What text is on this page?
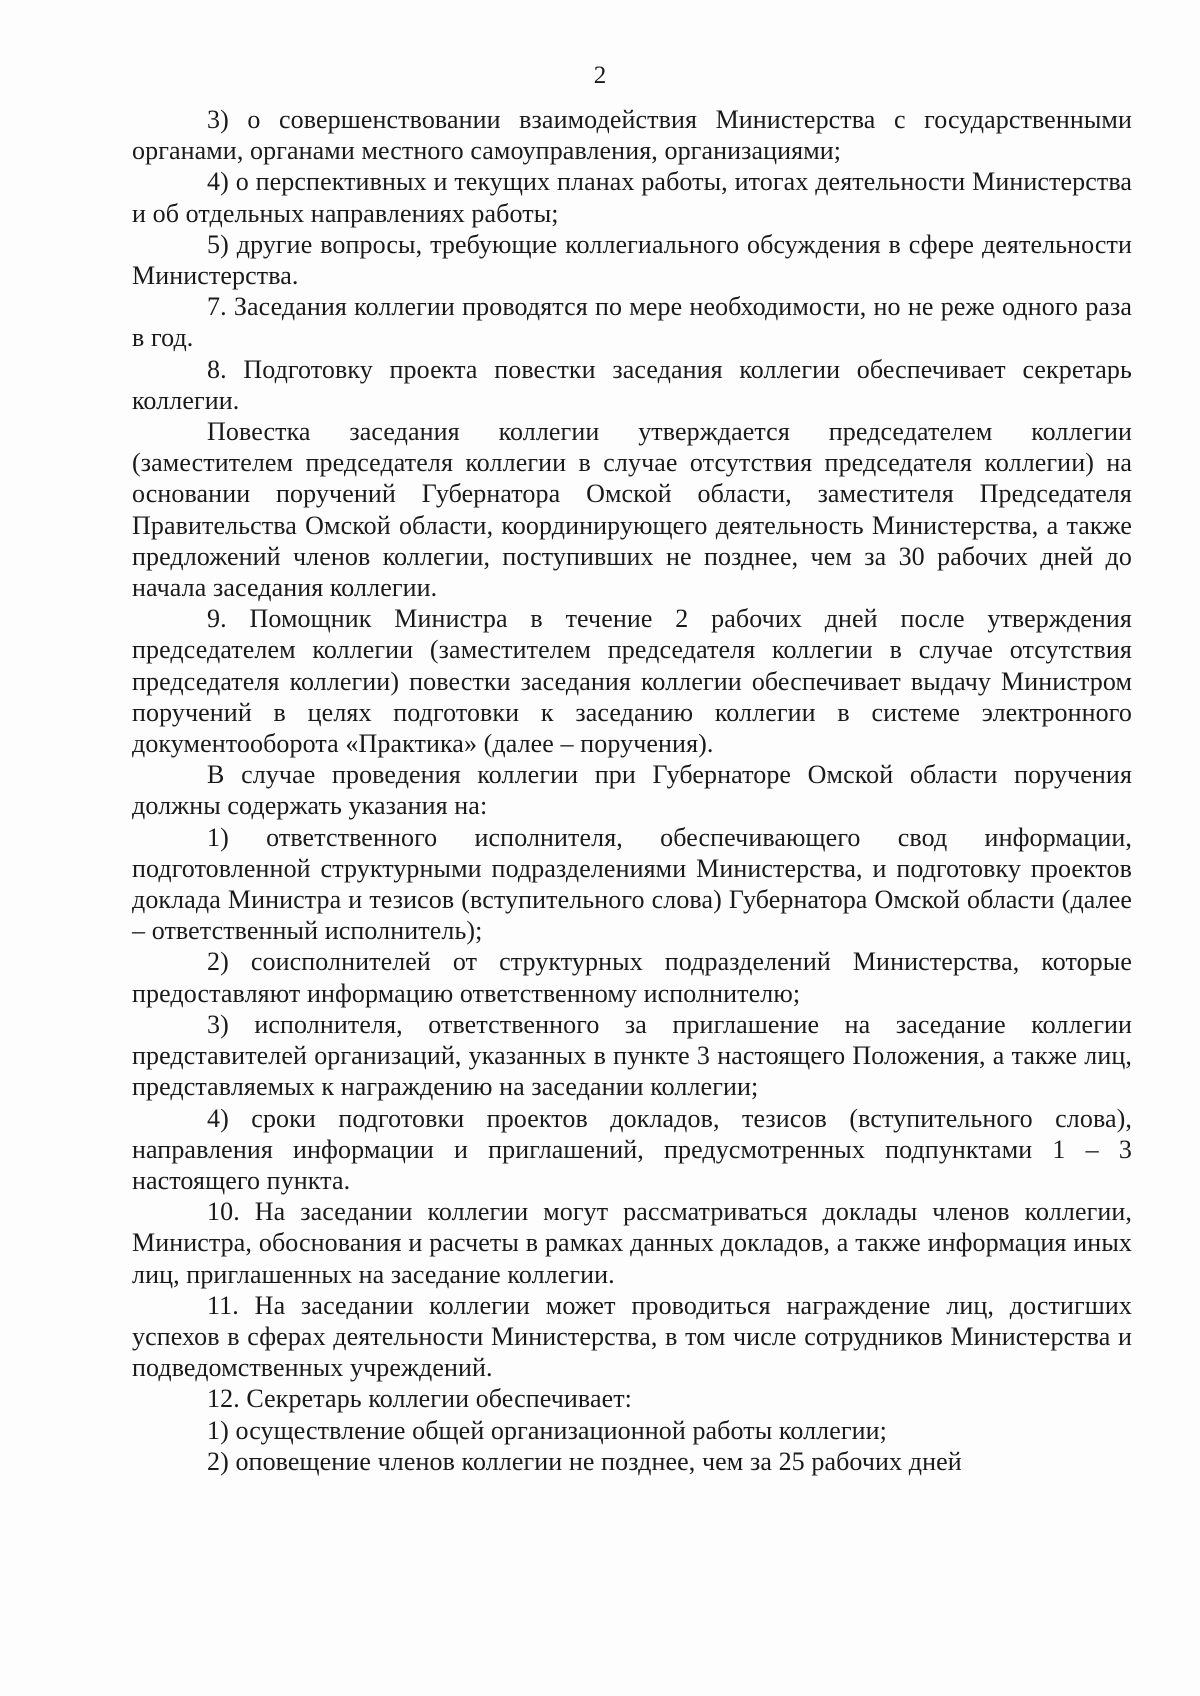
2

3) о совершенствовании взаимодействия Министерства с государственными органами, органами местного самоуправления, организациями;

4) о перспективных и текущих планах работы, итогах деятельности Министерства и об отдельных направлениях работы;

5) другие вопросы, требующие коллегиального обсуждения в сфере деятельности Министерства.

7. Заседания коллегии проводятся по мере необходимости, но не реже одного раза в год.

8. Подготовку проекта повестки заседания коллегии обеспечивает секретарь коллегии.

Повестка заседания коллегии утверждается председателем коллегии (заместителем председателя коллегии в случае отсутствия председателя коллегии) на основании поручений Губернатора Омской области, заместителя Председателя Правительства Омской области, координирующего деятельность Министерства, а также предложений членов коллегии, поступивших не позднее, чем за 30 рабочих дней до начала заседания коллегии.

9. Помощник Министра в течение 2 рабочих дней после утверждения председателем коллегии (заместителем председателя коллегии в случае отсутствия председателя коллегии) повестки заседания коллегии обеспечивает выдачу Министром поручений в целях подготовки к заседанию коллегии в системе электронного документооборота «Практика» (далее – поручения).

В случае проведения коллегии при Губернаторе Омской области поручения должны содержать указания на:

1) ответственного исполнителя, обеспечивающего свод информации, подготовленной структурными подразделениями Министерства, и подготовку проектов доклада Министра и тезисов (вступительного слова) Губернатора Омской области (далее – ответственный исполнитель);

2) соисполнителей от структурных подразделений Министерства, которые предоставляют информацию ответственному исполнителю;

3) исполнителя, ответственного за приглашение на заседание коллегии представителей организаций, указанных в пункте 3 настоящего Положения, а также лиц, представляемых к награждению на заседании коллегии;

4) сроки подготовки проектов докладов, тезисов (вступительного слова), направления информации и приглашений, предусмотренных подпунктами 1 – 3 настоящего пункта.

10. На заседании коллегии могут рассматриваться доклады членов коллегии, Министра, обоснования и расчеты в рамках данных докладов, а также информация иных лиц, приглашенных на заседание коллегии.

11. На заседании коллегии может проводиться награждение лиц, достигших успехов в сферах деятельности Министерства, в том числе сотрудников Министерства и подведомственных учреждений.

12. Секретарь коллегии обеспечивает:

1) осуществление общей организационной работы коллегии;

2) оповещение членов коллегии не позднее, чем за 25 рабочих дней
